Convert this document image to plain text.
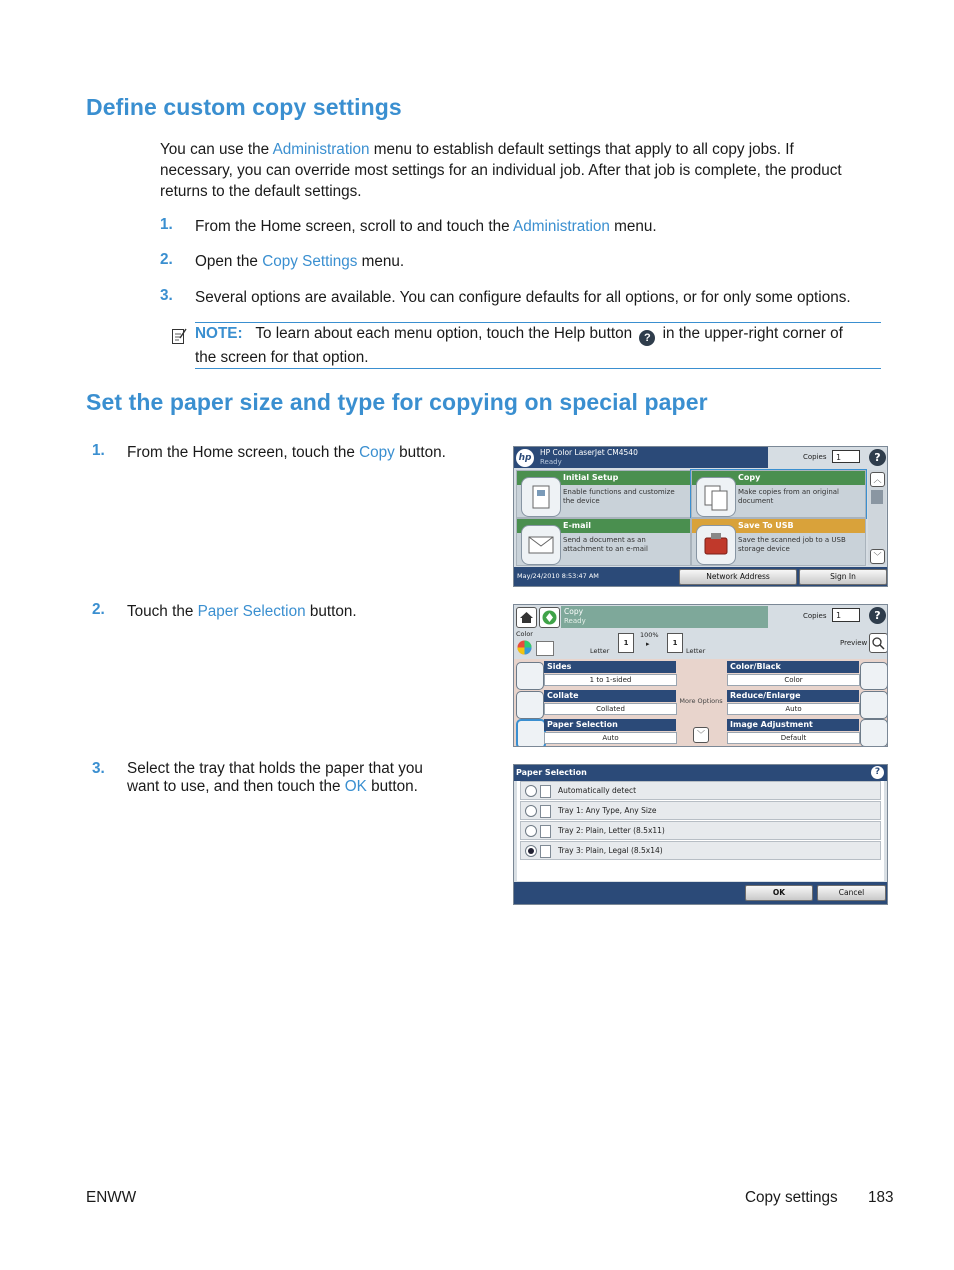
Define custom copy settings
You can use the Administration menu to establish default settings that apply to all copy jobs. If
necessary, you can override most settings for an individual job. After that job is complete, the product
returns to the default settings.
1. From the Home screen, scroll to and touch the Administration menu.
2. Open the Copy Settings menu.
3. Several options are available. You can configure defaults for all options, or for only some options.
NOTE: To learn about each menu option, touch the Help button ? in the upper-right corner of
the screen for that option.
Set the paper size and type for copying on special paper
1. From the Home screen, touch the Copy button.
2. Touch the Paper Selection button.
3. Select the tray that holds the paper that you
want to use, and then touch the OK button.
hp
HP Color LaserJet CM4540
Ready
Copies	1	?
Initial Setup
Enable functions and customize the device
Copy
Make copies from an original document
E-mail
Send a document as an attachment to an e-mail
Save To USB
Save the scanned job to a USB storage device
︿
﹀
May/24/2010 8:53:47 AM	Network Address	Sign In
Copy
Ready
Copies	1	?
Color
1
Letter
100%
▸	1
Letter
Preview
Sides
1 to 1-sided
Collate
Collated
Paper Selection
Auto
More Options
﹀
Color/Black
Color
Reduce/Enlarge
Auto
Image Adjustment
Default
Paper Selection	?
Automatically detect
Tray 1: Any Type, Any Size
Tray 2: Plain, Letter (8.5x11)
Tray 3: Plain, Legal (8.5x14)
OK	Cancel
ENWW	Copy settings 183
